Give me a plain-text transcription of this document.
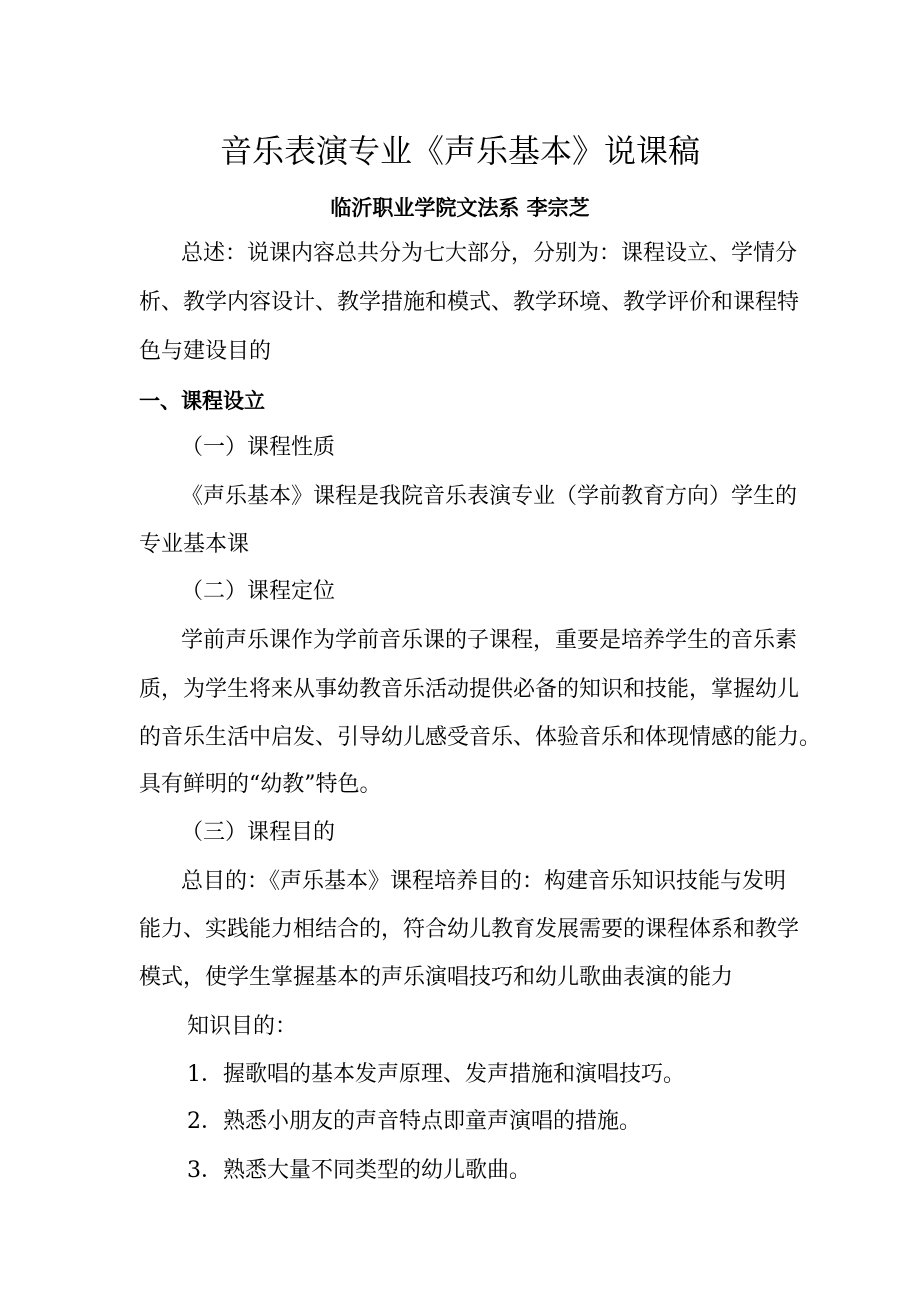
音乐表演专业《声乐基本》说课稿
临沂职业学院文法系 李宗芝
总述：说课内容总共分为七大部分，分别为：课程设立、学情分
析、教学内容设计、教学措施和模式、教学环境、教学评价和课程特
色与建设目的
一、课程设立
（一）课程性质
《声乐基本》课程是我院音乐表演专业（学前教育方向）学生的
专业基本课
（二）课程定位
学前声乐课作为学前音乐课的子课程，重要是培养学生的音乐素
质，为学生将来从事幼教音乐活动提供必备的知识和技能，掌握幼儿
的音乐生活中启发、引导幼儿感受音乐、体验音乐和体现情感的能力。
具有鲜明的“幼教”特色。
（三）课程目的
总目的：《声乐基本》课程培养目的：构建音乐知识技能与发明
能力、实践能力相结合的，符合幼儿教育发展需要的课程体系和教学
模式，使学生掌握基本的声乐演唱技巧和幼儿歌曲表演的能力
知识目的：
1．握歌唱的基本发声原理、发声措施和演唱技巧。
2．熟悉小朋友的声音特点即童声演唱的措施。
3．熟悉大量不同类型的幼儿歌曲。
